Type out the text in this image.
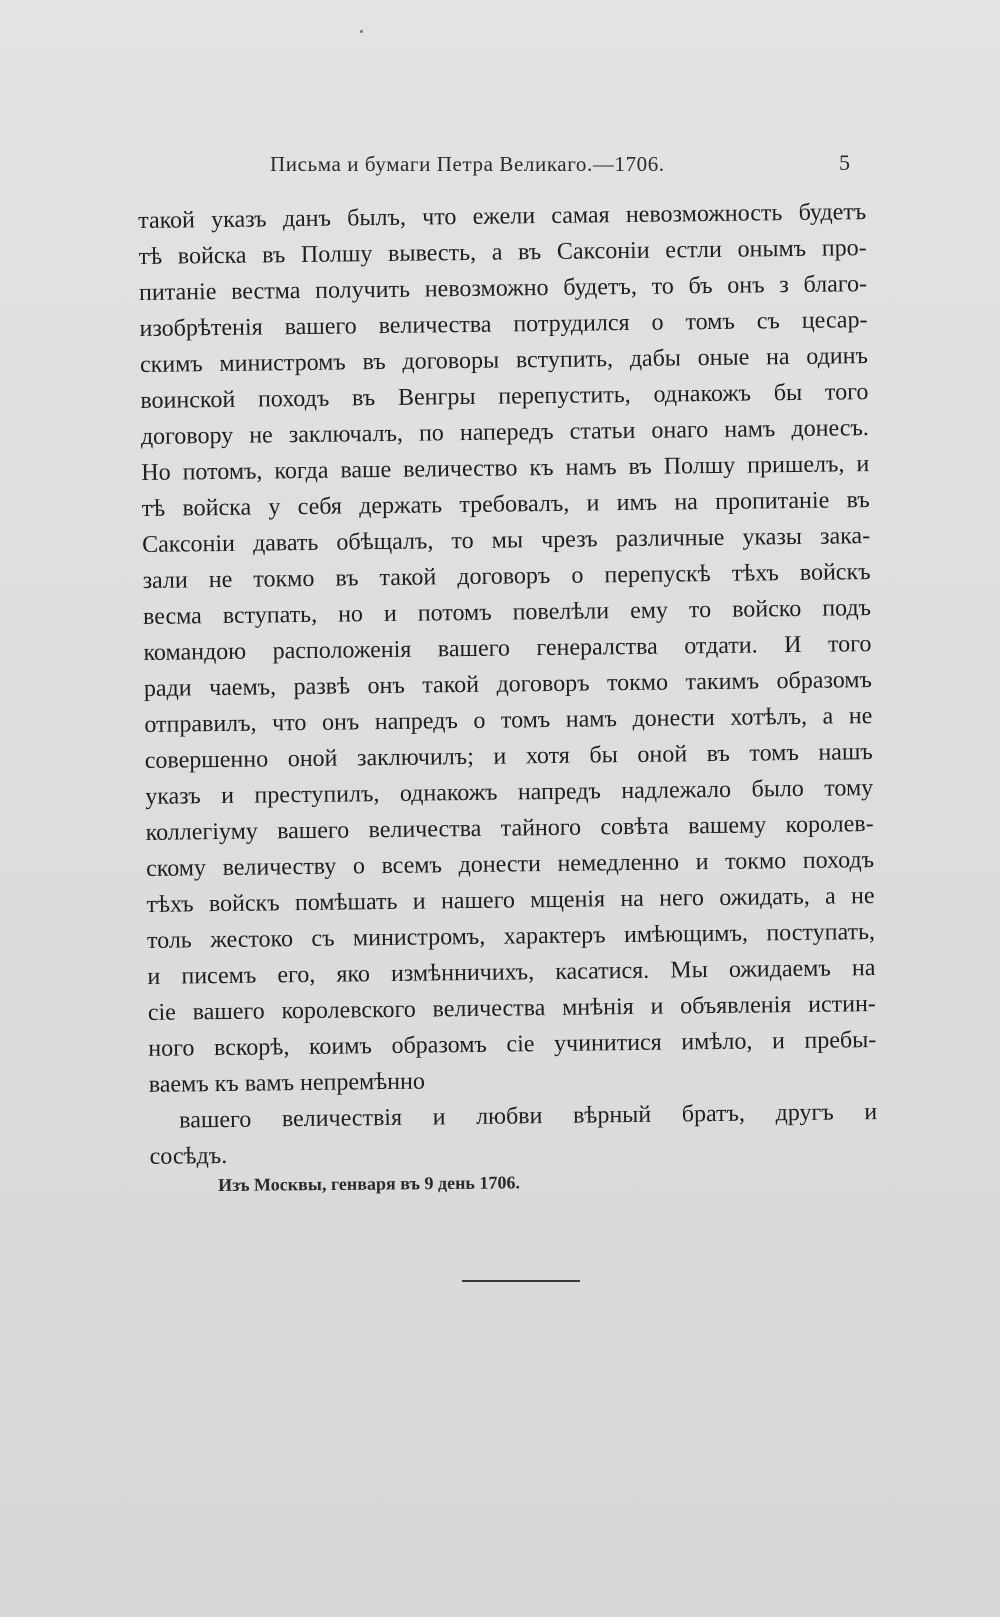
Письма и бумаги Петра Великаго.—1706.	5
такой указъ данъ былъ, что ежели самая невозможность будетъ
тѣ войска въ Полшу вывесть, а въ Саксоніи естли онымъ про-
питаніе вестма получить невозможно будетъ, то бъ онъ з благо-
изобрѣтенія вашего величества потрудился о томъ съ цесар-
скимъ министромъ въ договоры вступить, дабы оные на одинъ
воинской походъ въ Венгры перепустить, однакожъ бы того
договору не заключалъ, по напередъ статьи онаго намъ донесъ.
Но потомъ, когда ваше величество къ намъ въ Полшу пришелъ, и
тѣ войска у себя держать требовалъ, и имъ на пропитаніе въ
Саксоніи давать обѣщалъ, то мы чрезъ различные указы зака-
зали не токмо въ такой договоръ о перепускѣ тѣхъ войскъ
весма вступать, но и потомъ повелѣли ему то войско подъ
командою расположенія вашего генералства отдати. И того
ради чаемъ, развѣ онъ такой договоръ токмо такимъ образомъ
отправилъ, что онъ напредъ о томъ намъ донести хотѣлъ, а не
совершенно оной заключилъ; и хотя бы оной въ томъ нашъ
указъ и преступилъ, однакожъ напредъ надлежало было тому
коллегіуму вашего величества тайного совѣта вашему королев-
скому величеству о всемъ донести немедленно и токмо походъ
тѣхъ войскъ помѣшать и нашего мщенія на него ожидать, а не
толь жестоко съ министромъ, характеръ имѣющимъ, поступать,
и писемъ его, яко измѣнничихъ, касатися. Мы ожидаемъ на
сіе вашего королевского величества мнѣнія и объявленія истин-
ного вскорѣ, коимъ образомъ сіе учинитися имѣло, и пребы-
ваемъ къ вамъ непремѣнно
вашего величествія и любви вѣрный братъ, другъ и
сосѣдъ.
Изъ Москвы, генваря въ 9 день 1706.
